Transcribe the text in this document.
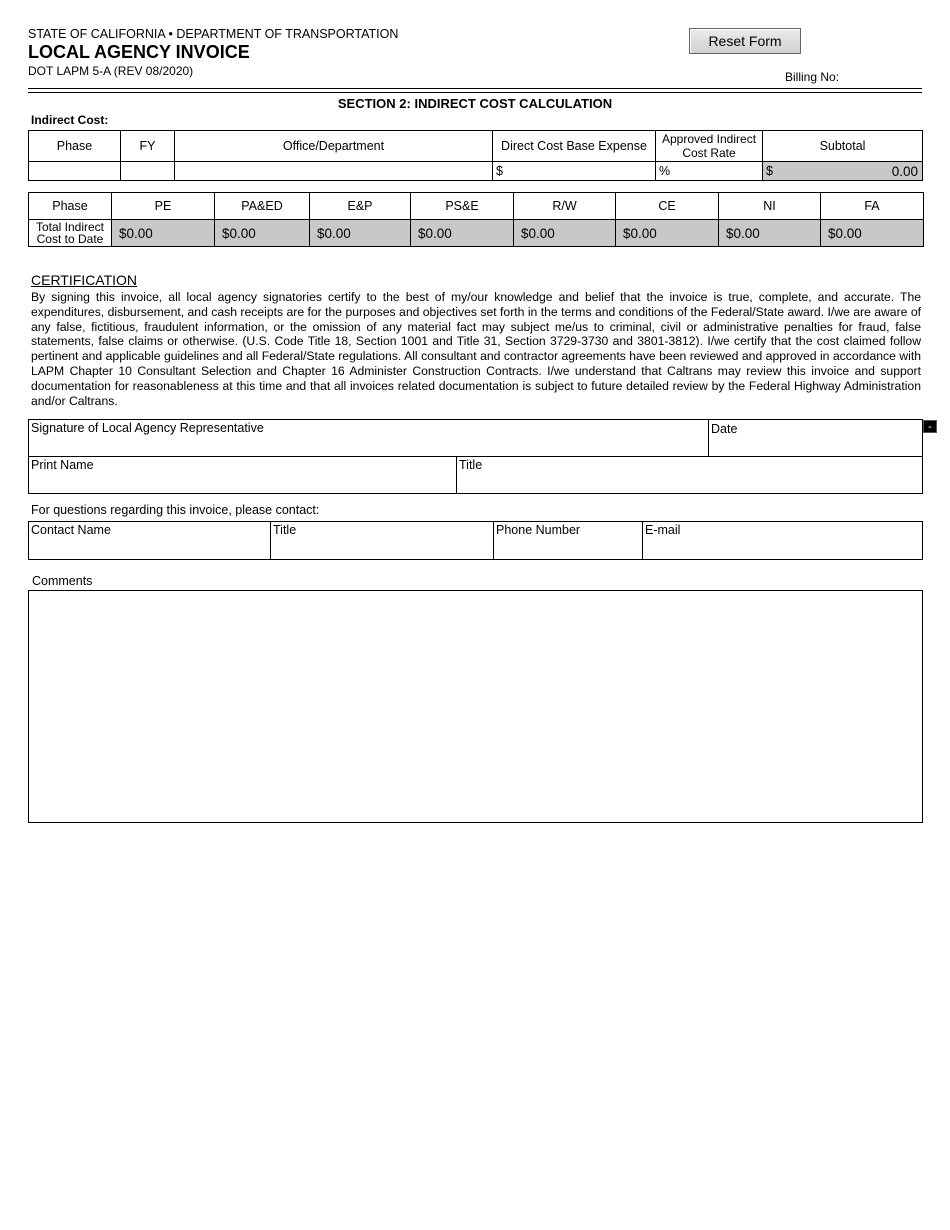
STATE OF CALIFORNIA • DEPARTMENT OF TRANSPORTATION
LOCAL AGENCY INVOICE
DOT LAPM 5-A (REV 08/2020)
Reset Form
Billing No:
SECTION 2: INDIRECT COST CALCULATION
Indirect Cost:
Phase	FY	Office/Department	Direct Cost Base Expense	Approved Indirect Cost Rate	Subtotal
			$	%	$ 0.00
Phase	PE	PA&ED	E&P	PS&E	R/W	CE	NI	FA
Total Indirect Cost to Date	$0.00	$0.00	$0.00	$0.00	$0.00	$0.00	$0.00	$0.00
CERTIFICATION
By signing this invoice, all local agency signatories certify to the best of my/our knowledge and belief that the invoice is true, complete, and accurate. The expenditures, disbursement, and cash receipts are for the purposes and objectives set forth in the terms and conditions of the Federal/State award. I/we are aware of any false, fictitious, fraudulent information, or the omission of any material fact may subject me/us to criminal, civil or administrative penalties for fraud, false statements, false claims or otherwise. (U.S. Code Title 18, Section 1001 and Title 31, Section 3729-3730 and 3801-3812). I/we certify that the cost claimed follow pertinent and applicable guidelines and all Federal/State regulations. All consultant and contractor agreements have been reviewed and approved in accordance with LAPM Chapter 10 Consultant Selection and Chapter 16 Administer Construction Contracts. I/we understand that Caltrans may review this invoice and support documentation for reasonableness at this time and that all invoices related documentation is subject to future detailed review by the Federal Highway Administration and/or Caltrans.
Signature of Local Agency Representative	Date	-
Print Name	Title
For questions regarding this invoice, please contact:
Contact Name	Title	Phone Number	E-mail
Comments
